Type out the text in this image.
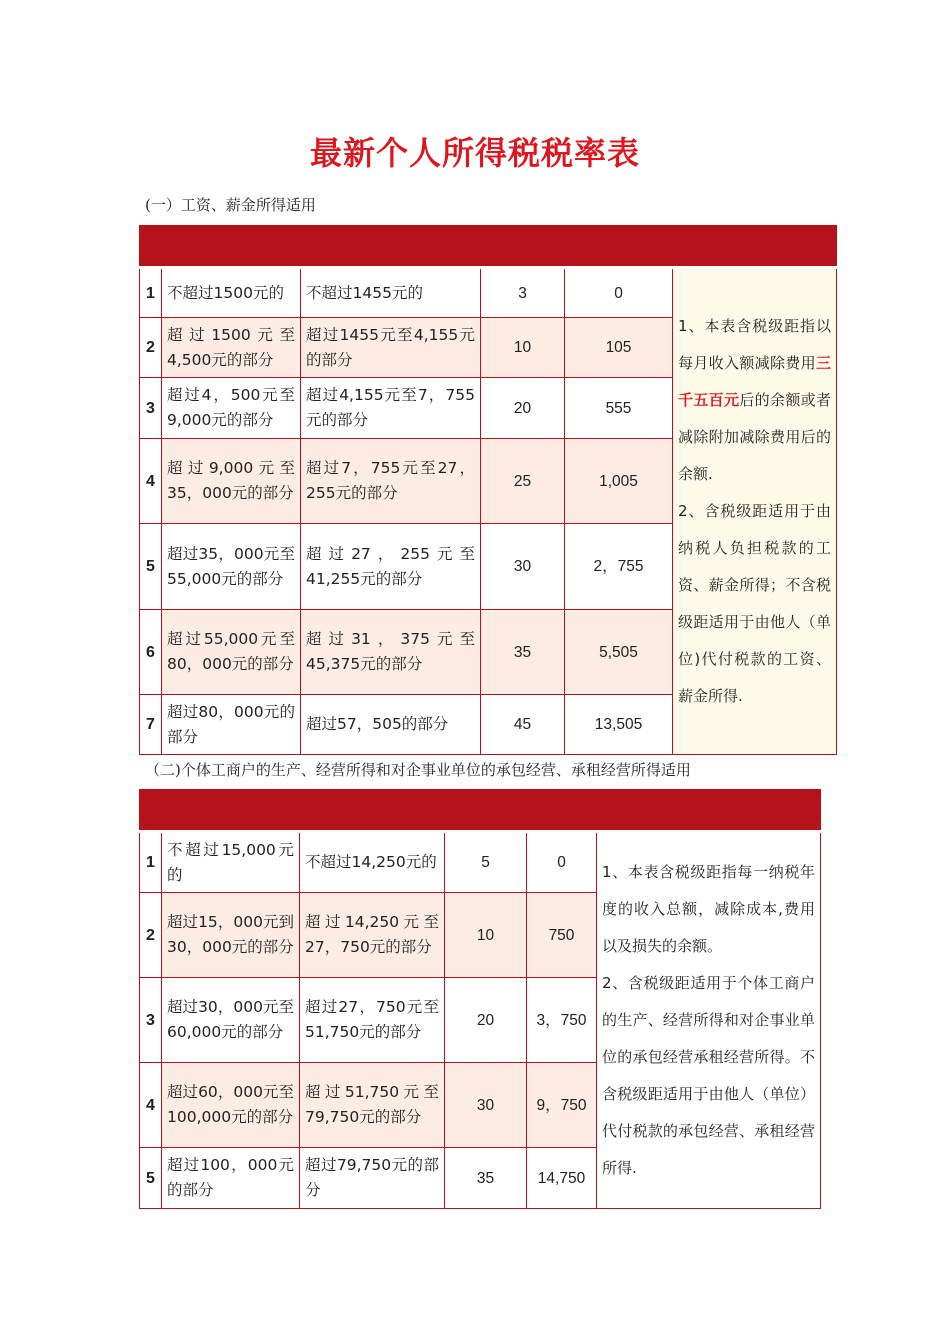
最新个人所得税税率表
(一）工资、薪金所得适用

1	不超过1500元的	不超过1455元的	3	0	1、本表含税级距指以每月收入额减除费用三千五百元后的余额或者减除附加减除费用后的余额.
2、含税级距适用于由纳税人负担税款的工资、薪金所得；不含税级距适用于由他人（单位)代付税款的工资、薪金所得.
2	超过1500元至4,500元的部分	超过1455元至4,155元的部分	10	105	
3	超过4，500元至9,000元的部分	超过4,155元至7，755元的部分	20	555	
4	超过9,000元至35，000元的部分	超过7，755元至27，255元的部分	25	1,005	
5	超过35，000元至55,000元的部分	超过27，255元至41,255元的部分	30	2，755	
6	超过55,000元至80，000元的部分	超过31，375元至45,375元的部分	35	5,505	
7	超过80，000元的部分	超过57，505的部分	45	13,505	
（二)个体工商户的生产、经营所得和对企事业单位的承包经营、承租经营所得适用

1	不超过15,000元的	不超过14,250元的	5	0	1、本表含税级距指每一纳税年度的收入总额，减除成本,费用以及损失的余额。
2、含税级距适用于个体工商户的生产、经营所得和对企事业单位的承包经营承租经营所得。不含税级距适用于由他人（单位）代付税款的承包经营、承租经营所得.
2	超过15，000元到30，000元的部分	超过14,250元至27，750元的部分	10	750	
3	超过30，000元至60,000元的部分	超过27，750元至51,750元的部分	20	3，750	
4	超过60，000元至100,000元的部分	超过51,750元至79,750元的部分	30	9，750	
5	超过100，000元的部分	超过79,750元的部分	35	14,750	
